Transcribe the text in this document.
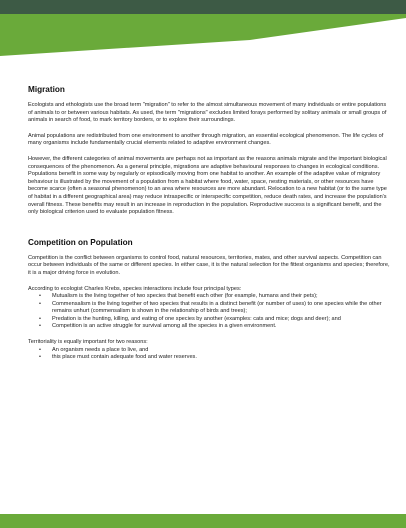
Migration

Ecologists and ethologists use the broad term "migration" to refer to the almost simultaneous movement of many individuals or entire populations of animals to or between various habitats. As used, the term "migrations" excludes limited forays performed by solitary animals or small groups of animals in search of food, to mark territory borders, or to explore their surroundings.

Animal populations are redistributed from one environment to another through migration, an essential ecological phenomenon. The life cycles of many organisms include fundamentally crucial elements related to adaptive environment changes.

However, the different categories of animal movements are perhaps not as important as the reasons animals migrate and the important biological consequences of the phenomenon. As a general principle, migrations are adaptive behavioural responses to changes in ecological conditions. Populations benefit in some way by regularly or episodically moving from one habitat to another. An example of the adaptive value of migratory behaviour is illustrated by the movement of a population from a habitat where food, water, space, nesting materials, or other resources have become scarce (often a seasonal phenomenon) to an area where resources are more abundant. Relocation to a new habitat (or to the same type of habitat in a different geographical area) may reduce intraspecific or interspecific competition, reduce death rates, and increase the population's overall fitness. These benefits may result in an increase in reproduction in the population. Reproductive success is a significant benefit, and the only biological criterion used to evaluate population fitness.

Competition on Population

Competition is the conflict between organisms to control food, natural resources, territories, mates, and other survival aspects. Competition can occur between individuals of the same or different species. In either case, it is the natural selection for the fittest organisms and species; therefore, it is a major driving force in evolution.

According to ecologist Charles Krebs, species interactions include four principal types:

• Mutualism is the living together of two species that benefit each other (for example, humans and their pets);
• Commensalism is the living together of two species that results in a distinct benefit (or number of uses) to one species while the other remains unhurt (commensalism is shown in the relationship of birds and trees);
• Predation is the hunting, killing, and eating of one species by another (examples: cats and mice; dogs and deer); and
• Competition is an active struggle for survival among all the species in a given environment.

Territoriality is equally important for two reasons:

• An organism needs a place to live, and
• this place must contain adequate food and water reserves.
